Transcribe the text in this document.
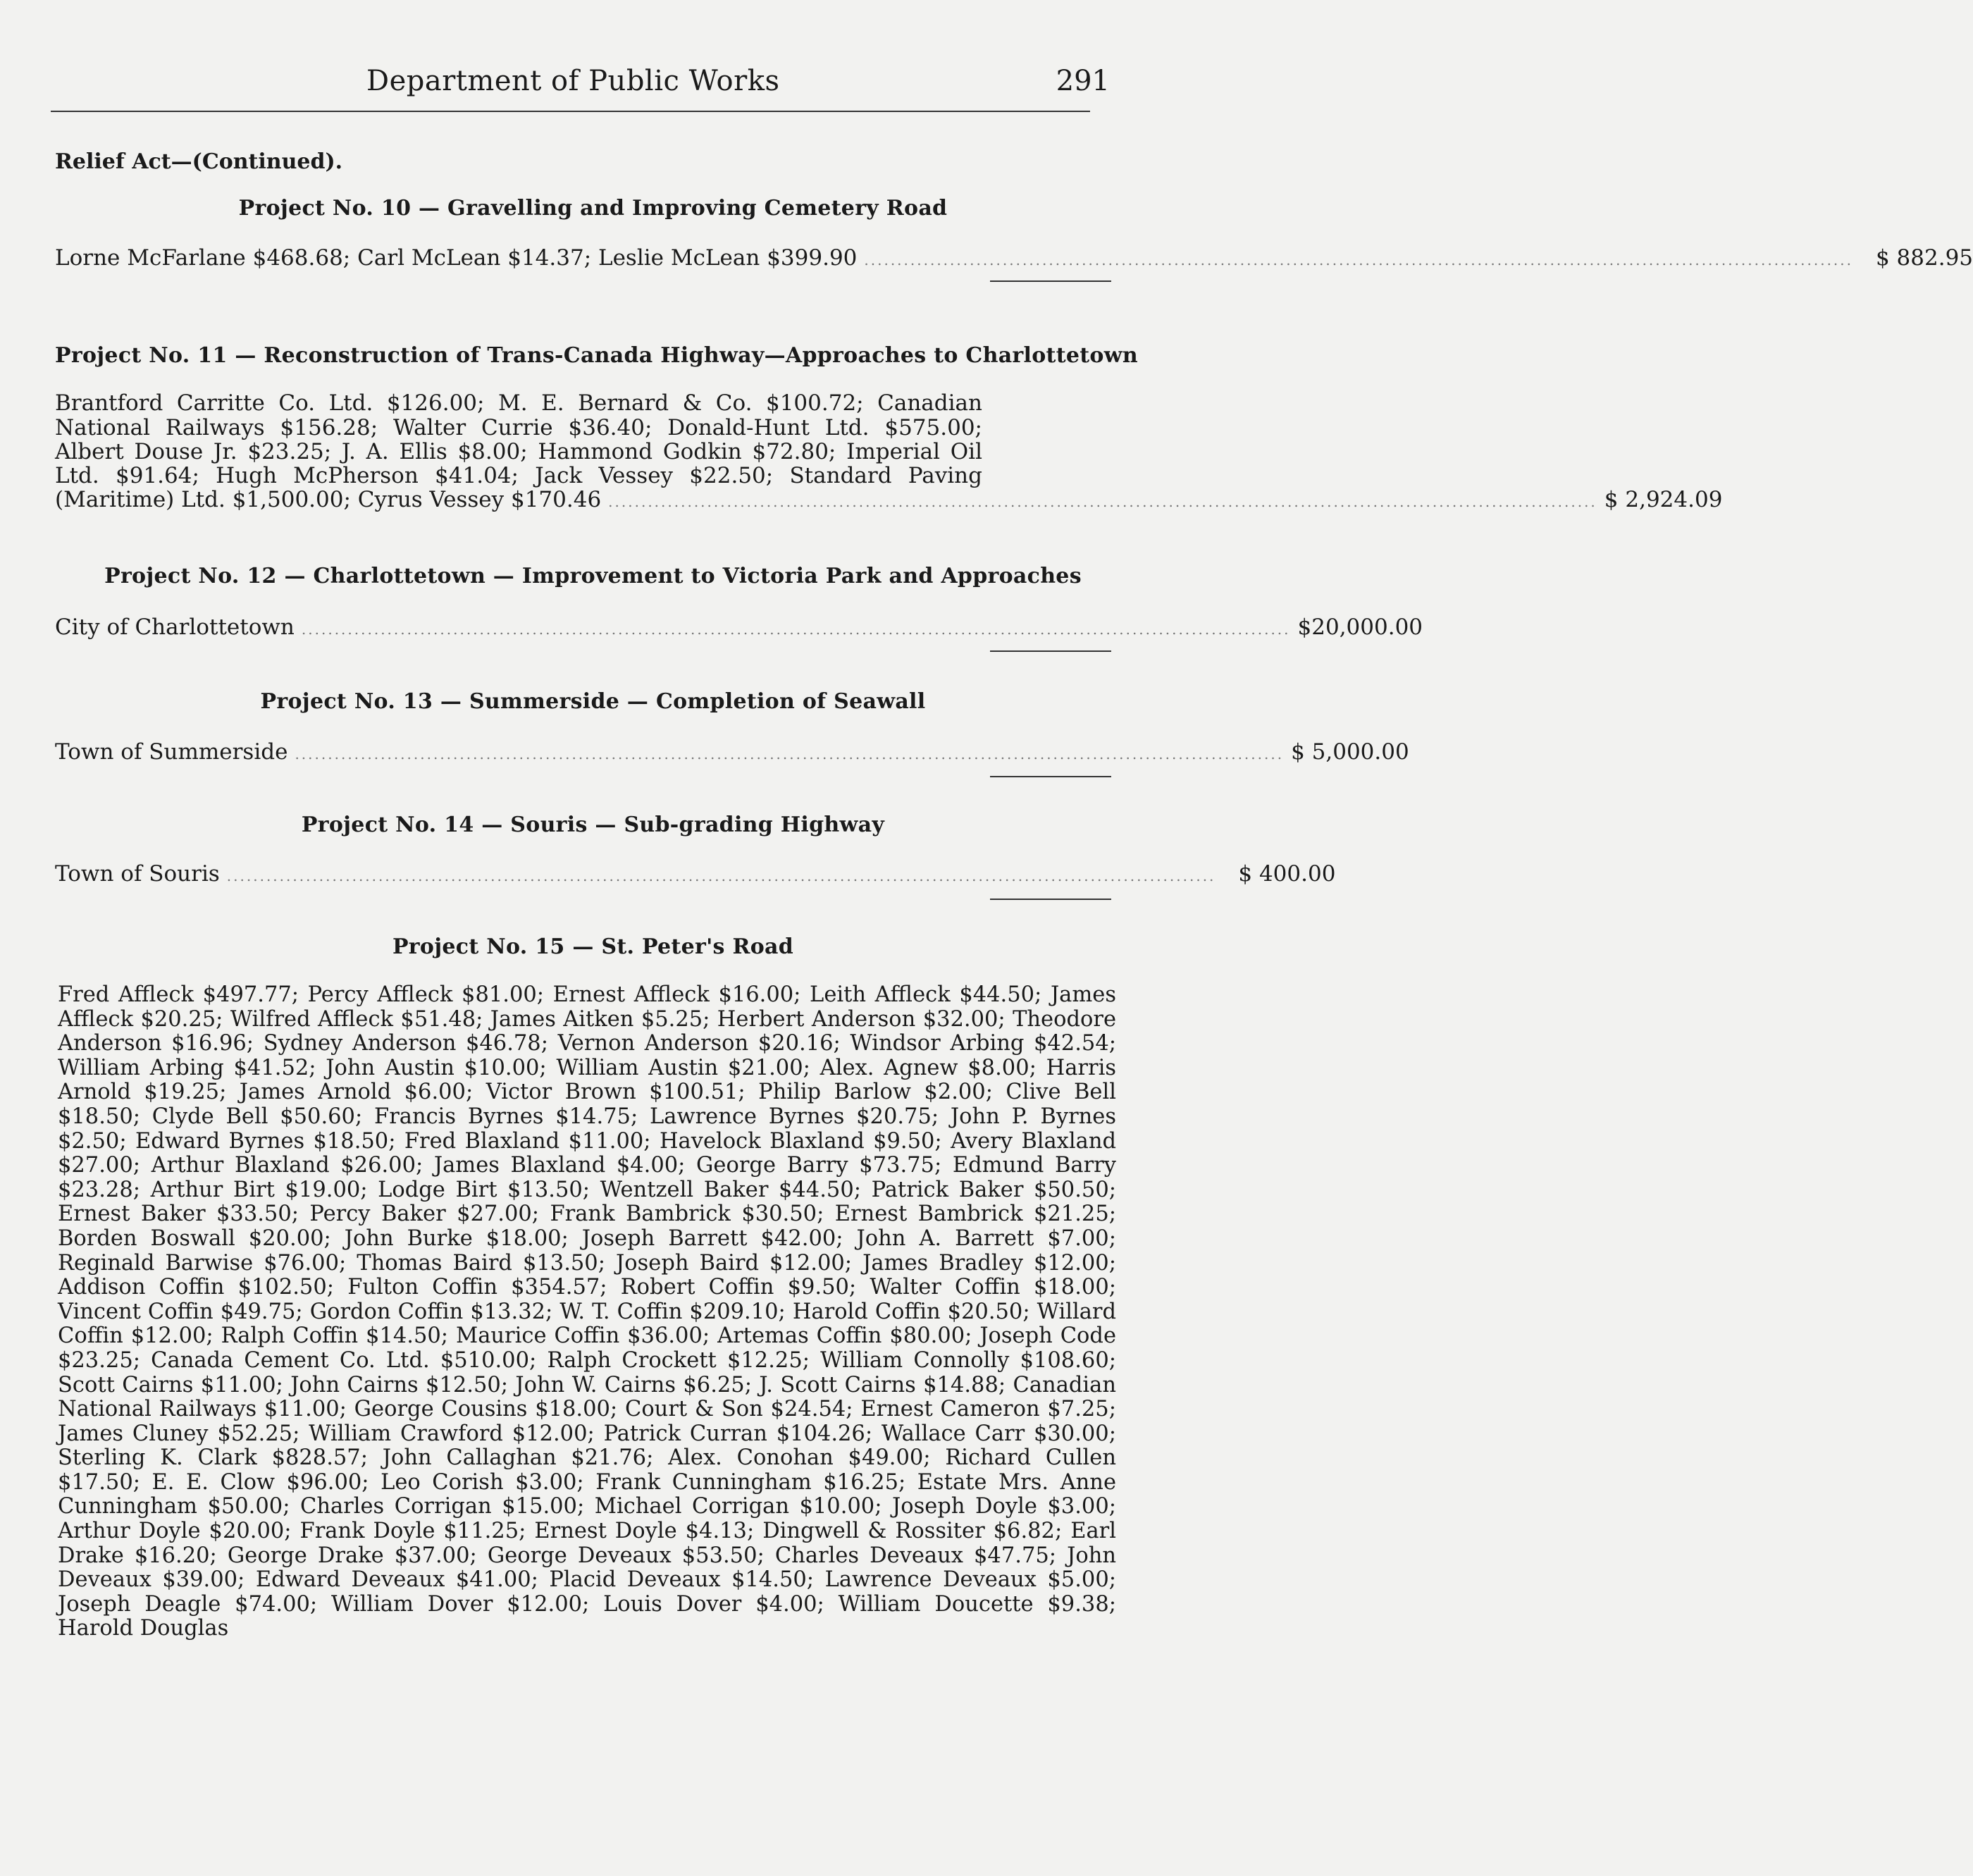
Department of Public Works	291
Relief Act—(Continued).
Project No. 10 — Gravelling and Improving Cemetery Road
Lorne McFarlane $468.68; Carl McLean $14.37; Leslie McLean $399.90 ......................................................................................................................................................	$ 882.95
Project No. 11 — Reconstruction of Trans-Canada Highway—Approaches to Charlottetown
Brantford Carritte Co. Ltd. $126.00; M. E. Bernard & Co. $100.72; Canadian
National Railways $156.28; Walter Currie $36.40; Donald-Hunt Ltd. $575.00;
Albert Douse Jr. $23.25; J. A. Ellis $8.00; Hammond Godkin $72.80; Imperial Oil
Ltd. $91.64; Hugh McPherson $41.04; Jack Vessey $22.50; Standard Paving
(Maritime) Ltd. $1,500.00; Cyrus Vessey $170.46 ...................................................................................................................................................... $ 2,924.09
Project No. 12 — Charlottetown — Improvement to Victoria Park and Approaches
City of Charlottetown ...................................................................................................................................................... $20,000.00
Project No. 13 — Summerside — Completion of Seawall
Town of Summerside ...................................................................................................................................................... $ 5,000.00
Project No. 14 — Souris — Sub-grading Highway
Town of Souris ......................................................................................................................................................	$ 400.00
Project No. 15 — St. Peter's Road
Fred Affleck $497.77; Percy Affleck $81.00; Ernest Affleck $16.00; Leith Affleck $44.50; James Affleck $20.25; Wilfred Affleck $51.48; James Aitken $5.25; Herbert Anderson $32.00; Theodore Anderson $16.96; Sydney Anderson $46.78; Vernon Anderson $20.16; Windsor Arbing $42.54; William Arbing $41.52; John Austin $10.00; William Austin $21.00; Alex. Agnew $8.00; Harris Arnold $19.25; James Arnold $6.00; Victor Brown $100.51; Philip Barlow $2.00; Clive Bell $18.50; Clyde Bell $50.60; Francis Byrnes $14.75; Lawrence Byrnes $20.75; John P. Byrnes $2.50; Edward Byrnes $18.50; Fred Blaxland $11.00; Havelock Blaxland $9.50; Avery Blaxland $27.00; Arthur Blaxland $26.00; James Blaxland $4.00; George Barry $73.75; Edmund Barry $23.28; Arthur Birt $19.00; Lodge Birt $13.50; Wentzell Baker $44.50; Patrick Baker $50.50; Ernest Baker $33.50; Percy Baker $27.00; Frank Bambrick $30.50; Ernest Bambrick $21.25; Borden Boswall $20.00; John Burke $18.00; Joseph Barrett $42.00; John A. Barrett $7.00; Reginald Barwise $76.00; Thomas Baird $13.50; Joseph Baird $12.00; James Bradley $12.00; Addison Coffin $102.50; Fulton Coffin $354.57; Robert Coffin $9.50; Walter Coffin $18.00; Vincent Coffin $49.75; Gordon Coffin $13.32; W. T. Coffin $209.10; Harold Coffin $20.50; Willard Coffin $12.00; Ralph Coffin $14.50; Maurice Coffin $36.00; Artemas Coffin $80.00; Joseph Code $23.25; Canada Cement Co. Ltd. $510.00; Ralph Crockett $12.25; William Connolly $108.60; Scott Cairns $11.00; John Cairns $12.50; John W. Cairns $6.25; J. Scott Cairns $14.88; Canadian National Railways $11.00; George Cousins $18.00; Court & Son $24.54; Ernest Cameron $7.25; James Cluney $52.25; William Crawford $12.00; Patrick Curran $104.26; Wallace Carr $30.00; Sterling K. Clark $828.57; John Callaghan $21.76; Alex. Conohan $49.00; Richard Cullen $17.50; E. E. Clow $96.00; Leo Corish $3.00; Frank Cunningham $16.25; Estate Mrs. Anne Cunningham $50.00; Charles Corrigan $15.00; Michael Corrigan $10.00; Joseph Doyle $3.00; Arthur Doyle $20.00; Frank Doyle $11.25; Ernest Doyle $4.13; Dingwell & Rossiter $6.82; Earl Drake $16.20; George Drake $37.00; George Deveaux $53.50; Charles Deveaux $47.75; John Deveaux $39.00; Edward Deveaux $41.00; Placid Deveaux $14.50; Lawrence Deveaux $5.00; Joseph Deagle $74.00; William Dover $12.00; Louis Dover $4.00; William Doucette $9.38; Harold Douglas
